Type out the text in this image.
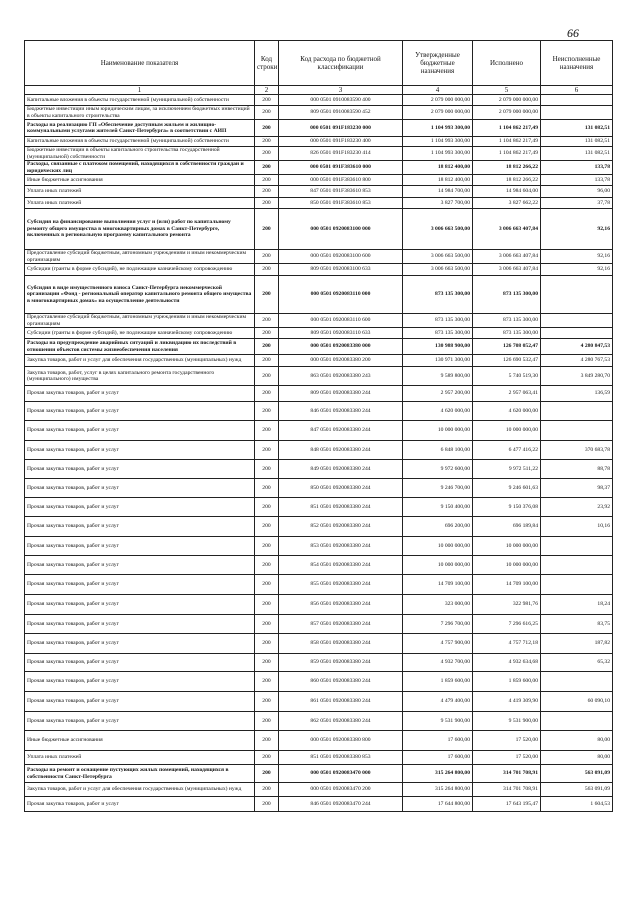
66
Наименование показателя	Код строки	Код расхода по бюджетной классификации	Утвержденные бюджетные назначения	Исполнено	Неисполненные назначения
1	2	3	4	5	6
Капитальные вложения в объекты государственной (муниципальной) собственности	200	000 0501 0910083590 400	2 079 000 000,00	2 079 000 000,00	
Бюджетные инвестиции иным юридическим лицам, за исключением бюджетных инвестиций в объекты капитального строительства	200	809 0501 0910083590 452	2 079 000 000,00	2 079 000 000,00	
Расходы на реализацию ГП «Обеспечение доступным жильем и жилищно-коммунальными услугами жителей Санкт-Петербурга» в соответствии с АИП	200	000 0501 091F183230 000	1 104 993 300,00	1 104 862 217,49	131 082,51
Капитальные вложения в объекты государственной (муниципальной) собственности	200	000 0501 091F183230 400	1 104 993 300,00	1 104 862 217,49	131 082,51
Бюджетные инвестиции в объекты капитального строительства государственной (муниципальной) собственности	200	826 0501 091F183230 414	1 104 993 300,00	1 104 862 217,49	131 082,51
Расходы, связанные с платежом помещений, находящихся в собственности граждан и юридических лиц	200	000 0501 091F383610 000	18 812 400,00	18 812 266,22	133,78
Иные бюджетные ассигнования	200	000 0501 091F383610 800	18 812 400,00	18 812 266,22	133,78
Уплата иных платежей	200	847 0501 091F383610 853	14 984 700,00	14 984 604,00	96,00
Уплата иных платежей	200	850 0501 091F383610 853	3 827 700,00	3 827 662,22	37,78
Субсидия на финансирование выполнения услуг и (или) работ по капитальному ремонту общего имущества в многоквартирных домах в Санкт-Петербурге, включенных в региональную программу капитального ремонта	200	000 0501 0920083100 000	3 006 663 500,00	3 006 663 407,84	92,16
Предоставление субсидий бюджетным, автономным учреждениям и иным некоммерческим организациям	200	000 0501 0920083100 600	3 006 663 500,00	3 006 663 407,84	92,16
Субсидии (гранты в форме субсидий), не подлежащие казначейскому сопровождению	200	809 0501 0920083100 633	3 006 663 500,00	3 006 663 407,84	92,16
Субсидия в виде имущественного взноса Санкт-Петербурга некоммерческой организации «Фонд - региональный оператор капитального ремонта общего имущества в многоквартирных домах» на осуществление деятельности	200	000 0501 0920083110 000	873 135 300,00	873 135 300,00	
Предоставление субсидий бюджетным, автономным учреждениям и иным некоммерческим организациям	200	000 0501 0920083110 600	873 135 300,00	873 135 300,00	
Субсидии (гранты в форме субсидий), не подлежащие казначейскому сопровождению	200	809 0501 0920083110 633	873 135 300,00	873 135 300,00	
Расходы на предупреждение аварийных ситуаций и ликвидацию их последствий в отношении объектов системы жизнеобеспечения населения	200	000 0501 0920083380 000	130 988 900,00	126 708 052,47	4 280 847,53
Закупка товаров, работ и услуг для обеспечения государственных (муниципальных) нужд	200	000 0501 0920083380 200	130 971 300,00	126 690 532,47	4 280 767,53
Закупка товаров, работ, услуг в целях капитального ремонта государственного (муниципального) имущества	200	863 0501 0920083380 243	9 589 800,00	5 740 519,30	3 849 280,70
Прочая закупка товаров, работ и услуг	200	809 0501 0920083380 244	2 957 200,00	2 957 063,41	136,59
Прочая закупка товаров, работ и услуг	200	846 0501 0920083380 244	4 620 000,00	4 620 000,00	
Прочая закупка товаров, работ и услуг	200	847 0501 0920083380 244	10 000 000,00	10 000 000,00	
Прочая закупка товаров, работ и услуг	200	848 0501 0920083380 244	6 848 100,00	6 477 416,22	370 683,78
Прочая закупка товаров, работ и услуг	200	849 0501 0920083380 244	9 972 600,00	9 972 511,22	88,78
Прочая закупка товаров, работ и услуг	200	850 0501 0920083380 244	9 246 700,00	9 246 601,63	98,37
Прочая закупка товаров, работ и услуг	200	851 0501 0920083380 244	9 150 400,00	9 150 376,08	23,92
Прочая закупка товаров, работ и услуг	200	852 0501 0920083380 244	696 200,00	696 189,84	10,16
Прочая закупка товаров, работ и услуг	200	853 0501 0920083380 244	10 000 000,00	10 000 000,00	
Прочая закупка товаров, работ и услуг	200	854 0501 0920083380 244	10 000 000,00	10 000 000,00	
Прочая закупка товаров, работ и услуг	200	855 0501 0920083380 244	14 709 100,00	14 709 100,00	
Прочая закупка товаров, работ и услуг	200	856 0501 0920083380 244	323 000,00	322 981,76	18,24
Прочая закупка товаров, работ и услуг	200	857 0501 0920083380 244	7 296 700,00	7 296 616,25	83,75
Прочая закупка товаров, работ и услуг	200	858 0501 0920083380 244	4 757 900,00	4 757 712,18	187,82
Прочая закупка товаров, работ и услуг	200	859 0501 0920083380 244	4 932 700,00	4 932 634,68	65,32
Прочая закупка товаров, работ и услуг	200	860 0501 0920083380 244	1 859 600,00	1 859 600,00	
Прочая закупка товаров, работ и услуг	200	861 0501 0920083380 244	4 479 400,00	4 419 309,90	60 090,10
Прочая закупка товаров, работ и услуг	200	862 0501 0920083380 244	9 531 900,00	9 531 900,00	
Иные бюджетные ассигнования	200	000 0501 0920083380 800	17 600,00	17 520,00	80,00
Уплата иных платежей	200	851 0501 0920083380 853	17 600,00	17 520,00	80,00
Расходы на ремонт и оснащение пустующих жилых помещений, находящихся в собственности Санкт-Петербурга	200	000 0501 0920083470 000	315 264 800,00	314 701 708,91	563 091,09
Закупка товаров, работ и услуг для обеспечения государственных (муниципальных) нужд	200	000 0501 0920083470 200	315 264 800,00	314 701 708,91	563 091,09
Прочая закупка товаров, работ и услуг	200	846 0501 0920083470 244	17 644 800,00	17 643 195,47	1 604,53
